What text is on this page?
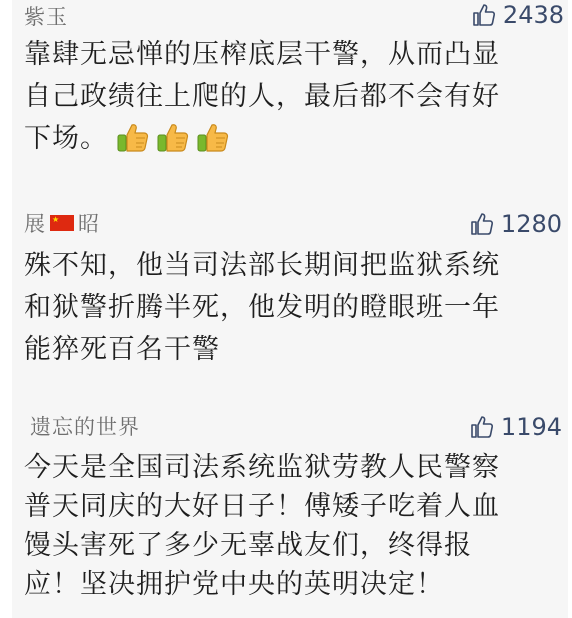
紫玉	2438
靠肆无忌惮的压榨底层干警，从而凸显
自己政绩往上爬的人，最后都不会有好
下场。
展 ★ 昭	1280
殊不知，他当司法部长期间把监狱系统
和狱警折腾半死，他发明的瞪眼班一年
能猝死百名干警
遗忘的世界	1194
今天是全国司法系统监狱劳教人民警察
普天同庆的大好日子！傅矮子吃着人血
馒头害死了多少无辜战友们，终得报
应！坚决拥护党中央的英明决定！
